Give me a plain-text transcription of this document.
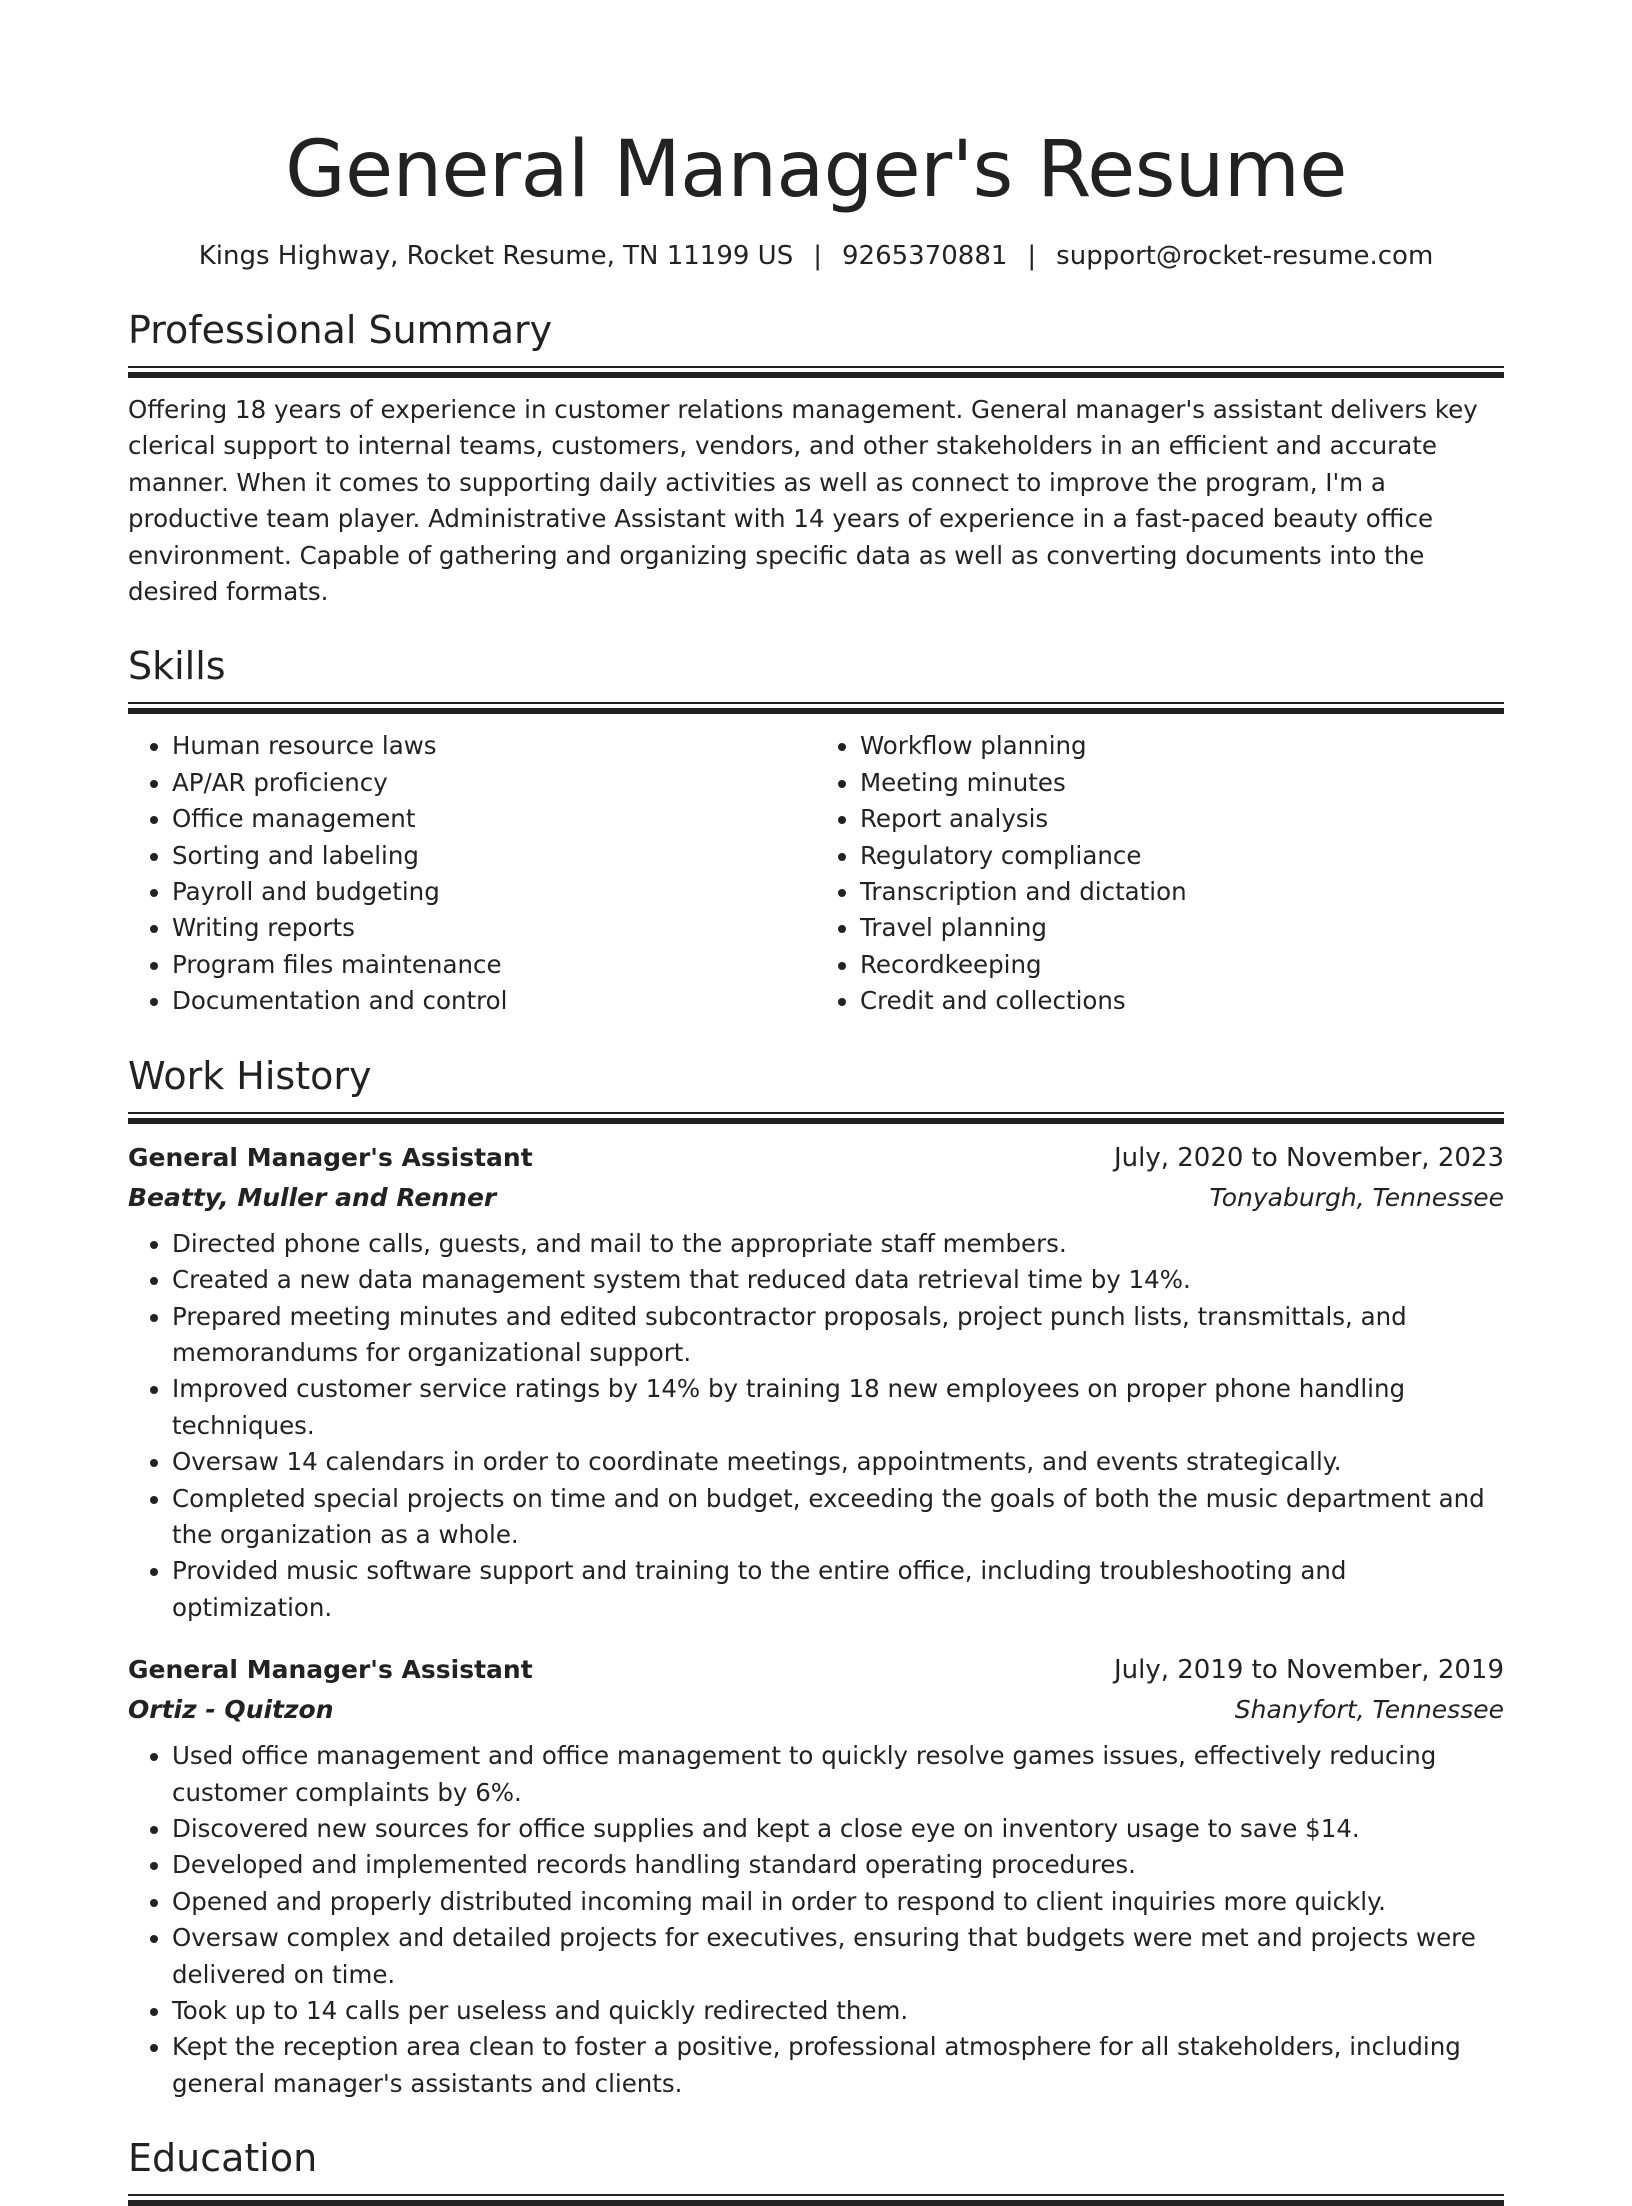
General Manager's Resume
Kings Highway, Rocket Resume, TN 11199 US | 9265370881 | support@rocket-resume.com
Professional Summary

Offering 18 years of experience in customer relations management. General manager's assistant delivers key clerical support to internal teams, customers, vendors, and other stakeholders in an efficient and accurate manner. When it comes to supporting daily activities as well as connect to improve the program, I'm a productive team player. Administrative Assistant with 14 years of experience in a fast-paced beauty office environment. Capable of gathering and organizing specific data as well as converting documents into the desired formats.

Skills
• Human resource laws
• AP/AR proficiency
• Office management
• Sorting and labeling
• Payroll and budgeting
• Writing reports
• Program files maintenance
• Documentation and control
• Workflow planning
• Meeting minutes
• Report analysis
• Regulatory compliance
• Transcription and dictation
• Travel planning
• Recordkeeping
• Credit and collections
Work History
General Manager's Assistant	July, 2020 to November, 2023
Beatty, Muller and Renner	Tonyaburgh, Tennessee
• Directed phone calls, guests, and mail to the appropriate staff members.
• Created a new data management system that reduced data retrieval time by 14%.
• Prepared meeting minutes and edited subcontractor proposals, project punch lists, transmittals, and memorandums for organizational support.
• Improved customer service ratings by 14% by training 18 new employees on proper phone handling techniques.
• Oversaw 14 calendars in order to coordinate meetings, appointments, and events strategically.
• Completed special projects on time and on budget, exceeding the goals of both the music department and the organization as a whole.
• Provided music software support and training to the entire office, including troubleshooting and optimization.
General Manager's Assistant	July, 2019 to November, 2019
Ortiz - Quitzon	Shanyfort, Tennessee
• Used office management and office management to quickly resolve games issues, effectively reducing customer complaints by 6%.
• Discovered new sources for office supplies and kept a close eye on inventory usage to save $14.
• Developed and implemented records handling standard operating procedures.
• Opened and properly distributed incoming mail in order to respond to client inquiries more quickly.
• Oversaw complex and detailed projects for executives, ensuring that budgets were met and projects were delivered on time.
• Took up to 14 calls per useless and quickly redirected them.
• Kept the reception area clean to foster a positive, professional atmosphere for all stakeholders, including general manager's assistants and clients.
Education
